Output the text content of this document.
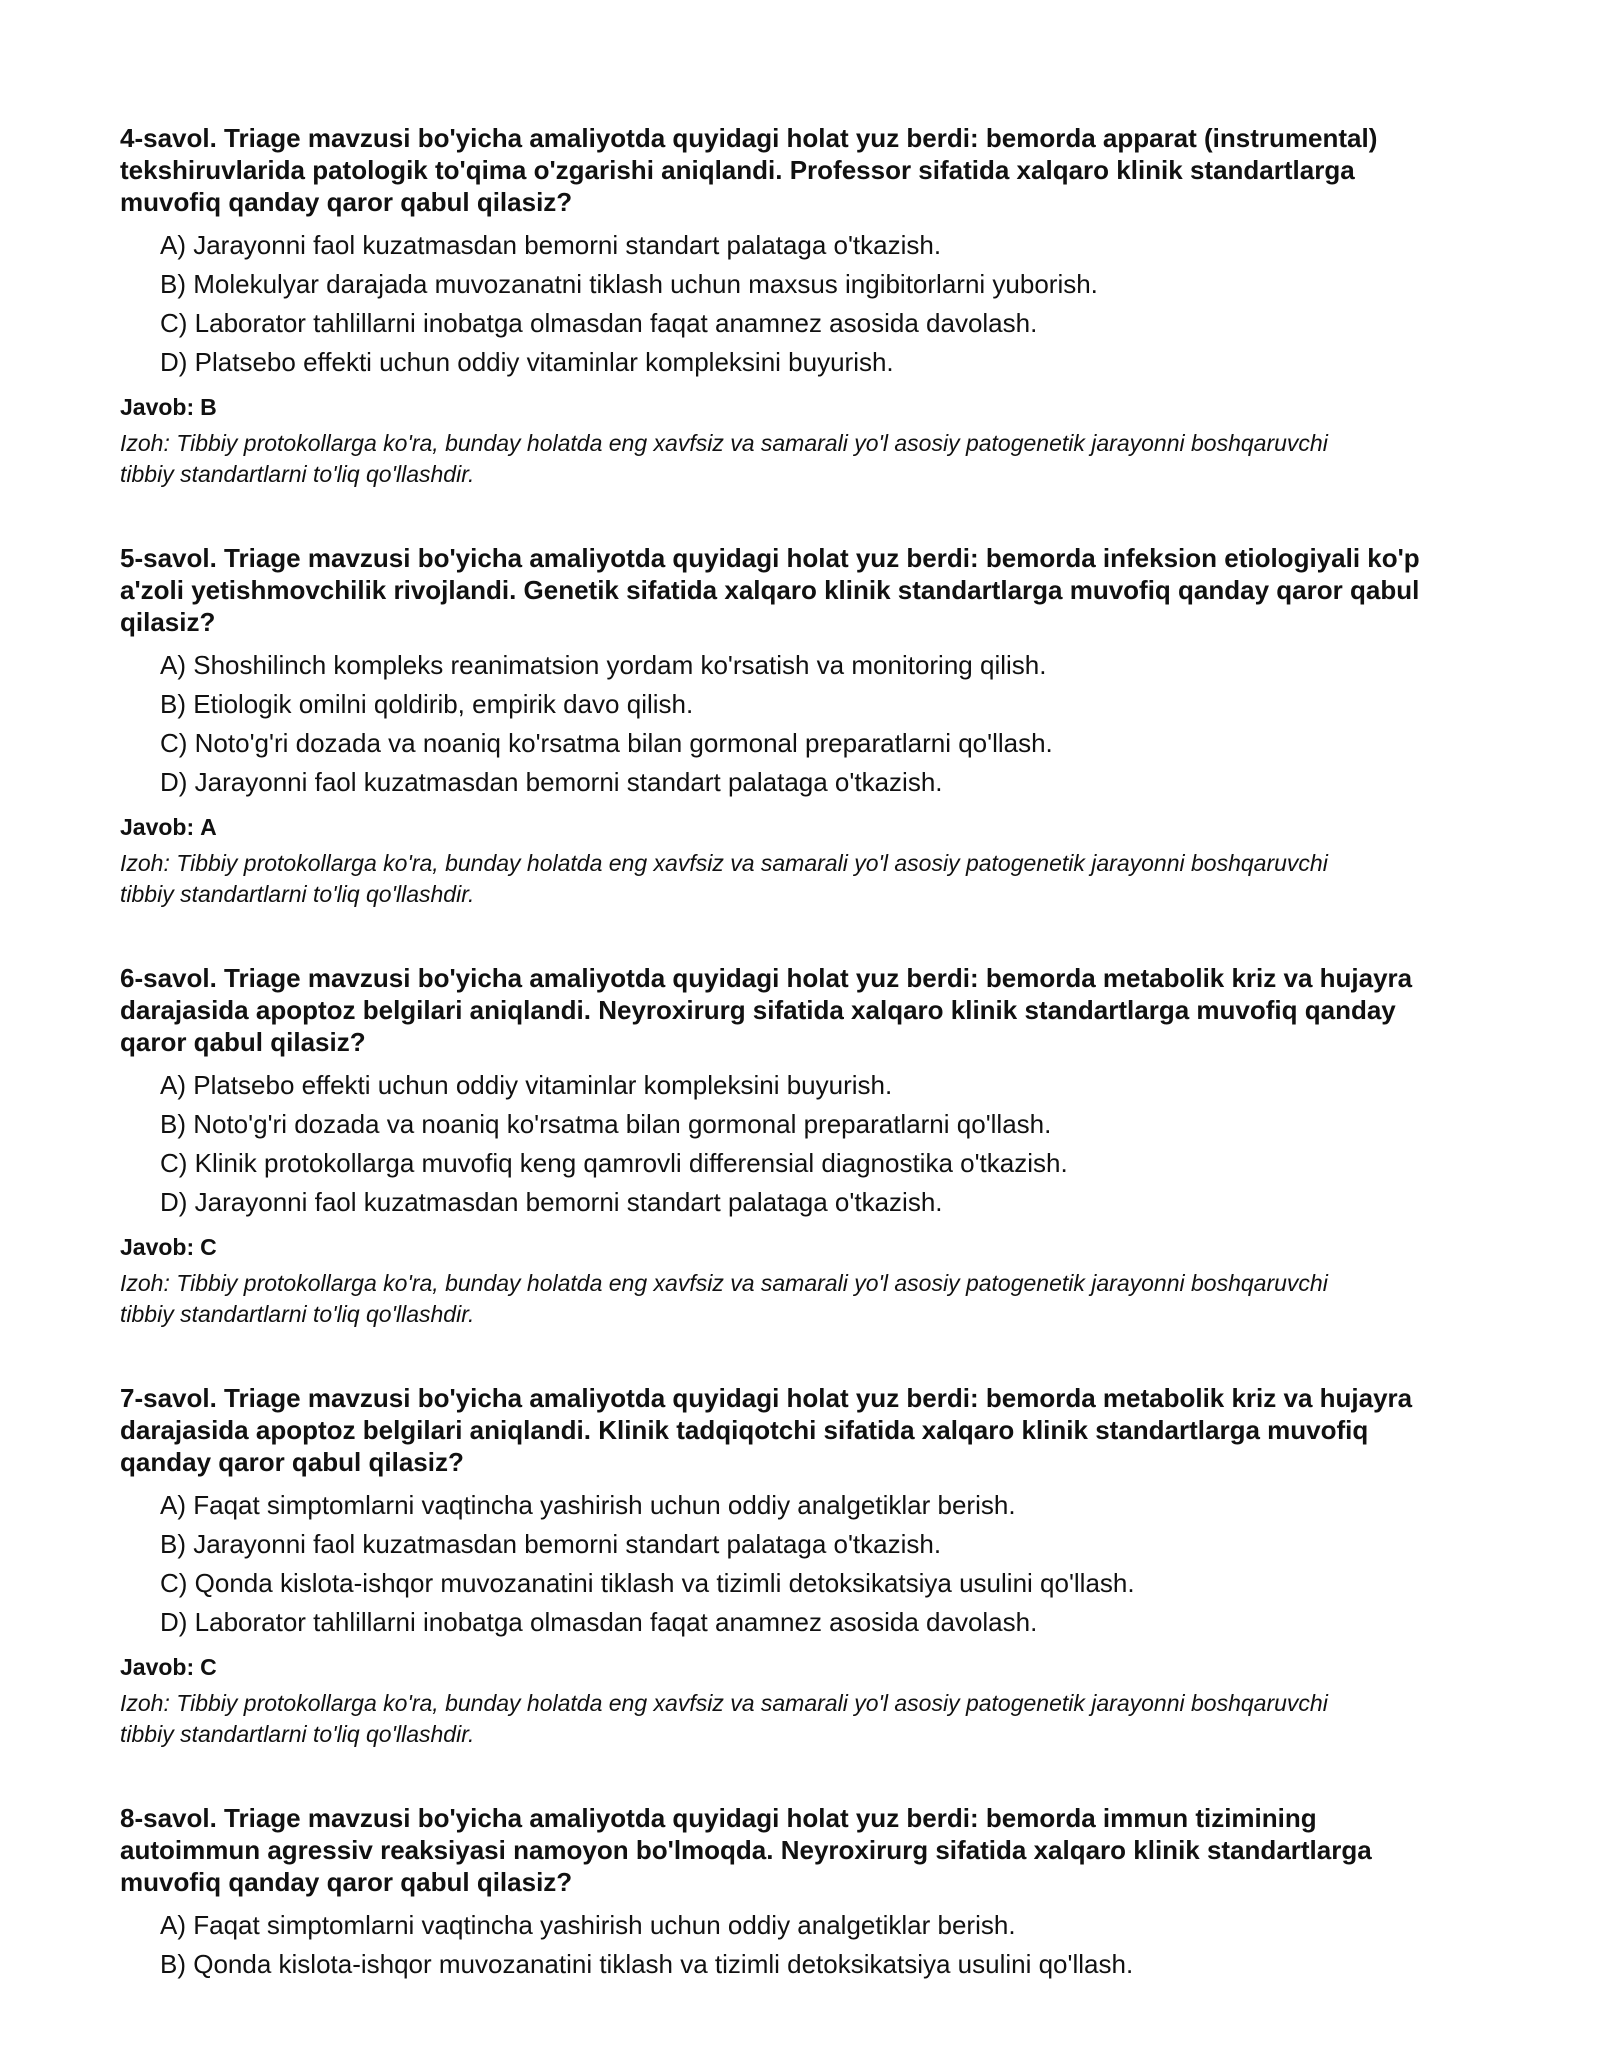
4-savol. Triage mavzusi bo'yicha amaliyotda quyidagi holat yuz berdi: bemorda apparat (instrumental) tekshiruvlarida patologik to'qima o'zgarishi aniqlandi. Professor sifatida xalqaro klinik standartlarga muvofiq qanday qaror qabul qilasiz?

A) Jarayonni faol kuzatmasdan bemorni standart palataga o'tkazish.
B) Molekulyar darajada muvozanatni tiklash uchun maxsus ingibitorlarni yuborish.
C) Laborator tahlillarni inobatga olmasdan faqat anamnez asosida davolash.
D) Platsebo effekti uchun oddiy vitaminlar kompleksini buyurish.

Javob: B

Izoh: Tibbiy protokollarga ko'ra, bunday holatda eng xavfsiz va samarali yo'l asosiy patogenetik jarayonni boshqaruvchi tibbiy standartlarni to'liq qo'llashdir.

5-savol. Triage mavzusi bo'yicha amaliyotda quyidagi holat yuz berdi: bemorda infeksion etiologiyali ko'p a'zoli yetishmovchilik rivojlandi. Genetik sifatida xalqaro klinik standartlarga muvofiq qanday qaror qabul qilasiz?

A) Shoshilinch kompleks reanimatsion yordam ko'rsatish va monitoring qilish.
B) Etiologik omilni qoldirib, empirik davo qilish.
C) Noto'g'ri dozada va noaniq ko'rsatma bilan gormonal preparatlarni qo'llash.
D) Jarayonni faol kuzatmasdan bemorni standart palataga o'tkazish.

Javob: A

Izoh: Tibbiy protokollarga ko'ra, bunday holatda eng xavfsiz va samarali yo'l asosiy patogenetik jarayonni boshqaruvchi tibbiy standartlarni to'liq qo'llashdir.

6-savol. Triage mavzusi bo'yicha amaliyotda quyidagi holat yuz berdi: bemorda metabolik kriz va hujayra darajasida apoptoz belgilari aniqlandi. Neyroxirurg sifatida xalqaro klinik standartlarga muvofiq qanday qaror qabul qilasiz?

A) Platsebo effekti uchun oddiy vitaminlar kompleksini buyurish.
B) Noto'g'ri dozada va noaniq ko'rsatma bilan gormonal preparatlarni qo'llash.
C) Klinik protokollarga muvofiq keng qamrovli differensial diagnostika o'tkazish.
D) Jarayonni faol kuzatmasdan bemorni standart palataga o'tkazish.

Javob: C

Izoh: Tibbiy protokollarga ko'ra, bunday holatda eng xavfsiz va samarali yo'l asosiy patogenetik jarayonni boshqaruvchi tibbiy standartlarni to'liq qo'llashdir.

7-savol. Triage mavzusi bo'yicha amaliyotda quyidagi holat yuz berdi: bemorda metabolik kriz va hujayra darajasida apoptoz belgilari aniqlandi. Klinik tadqiqotchi sifatida xalqaro klinik standartlarga muvofiq qanday qaror qabul qilasiz?

A) Faqat simptomlarni vaqtincha yashirish uchun oddiy analgetiklar berish.
B) Jarayonni faol kuzatmasdan bemorni standart palataga o'tkazish.
C) Qonda kislota-ishqor muvozanatini tiklash va tizimli detoksikatsiya usulini qo'llash.
D) Laborator tahlillarni inobatga olmasdan faqat anamnez asosida davolash.

Javob: C

Izoh: Tibbiy protokollarga ko'ra, bunday holatda eng xavfsiz va samarali yo'l asosiy patogenetik jarayonni boshqaruvchi tibbiy standartlarni to'liq qo'llashdir.

8-savol. Triage mavzusi bo'yicha amaliyotda quyidagi holat yuz berdi: bemorda immun tizimining autoimmun agressiv reaksiyasi namoyon bo'lmoqda. Neyroxirurg sifatida xalqaro klinik standartlarga muvofiq qanday qaror qabul qilasiz?

A) Faqat simptomlarni vaqtincha yashirish uchun oddiy analgetiklar berish.
B) Qonda kislota-ishqor muvozanatini tiklash va tizimli detoksikatsiya usulini qo'llash.
